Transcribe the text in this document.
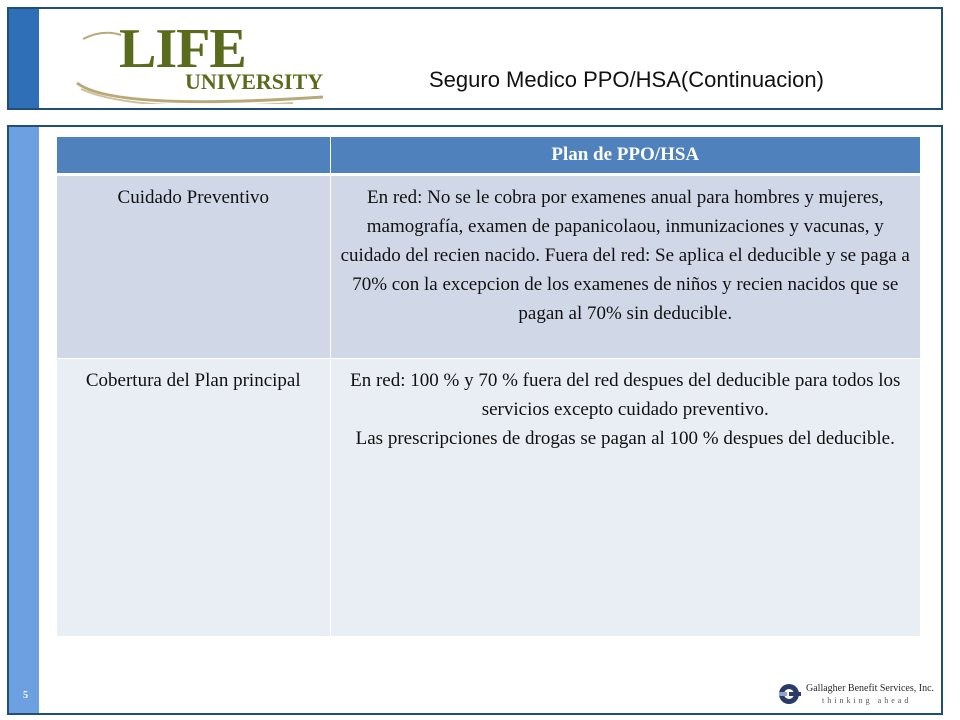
LIFE
UNIVERSITY	Seguro Medico PPO/HSA(Continuacion)
5
	Plan de PPO/HSA
Cuidado Preventivo	En red: No se le cobra por examenes anual para hombres y mujeres, mamografía, examen de papanicolaou, inmunizaciones y vacunas, y cuidado del recien nacido. Fuera del red: Se aplica el deducible y se paga a 70% con la excepcion de los examenes de niños y recien nacidos que se pagan al 70% sin deducible.
Cobertura del Plan principal	En red: 100 % y 70 % fuera del red despues del deducible para todos los servicios excepto cuidado preventivo.
Las prescripciones de drogas se pagan al 100 % despues del deducible.
Gallagher Benefit Services, Inc.
thinking ahead
